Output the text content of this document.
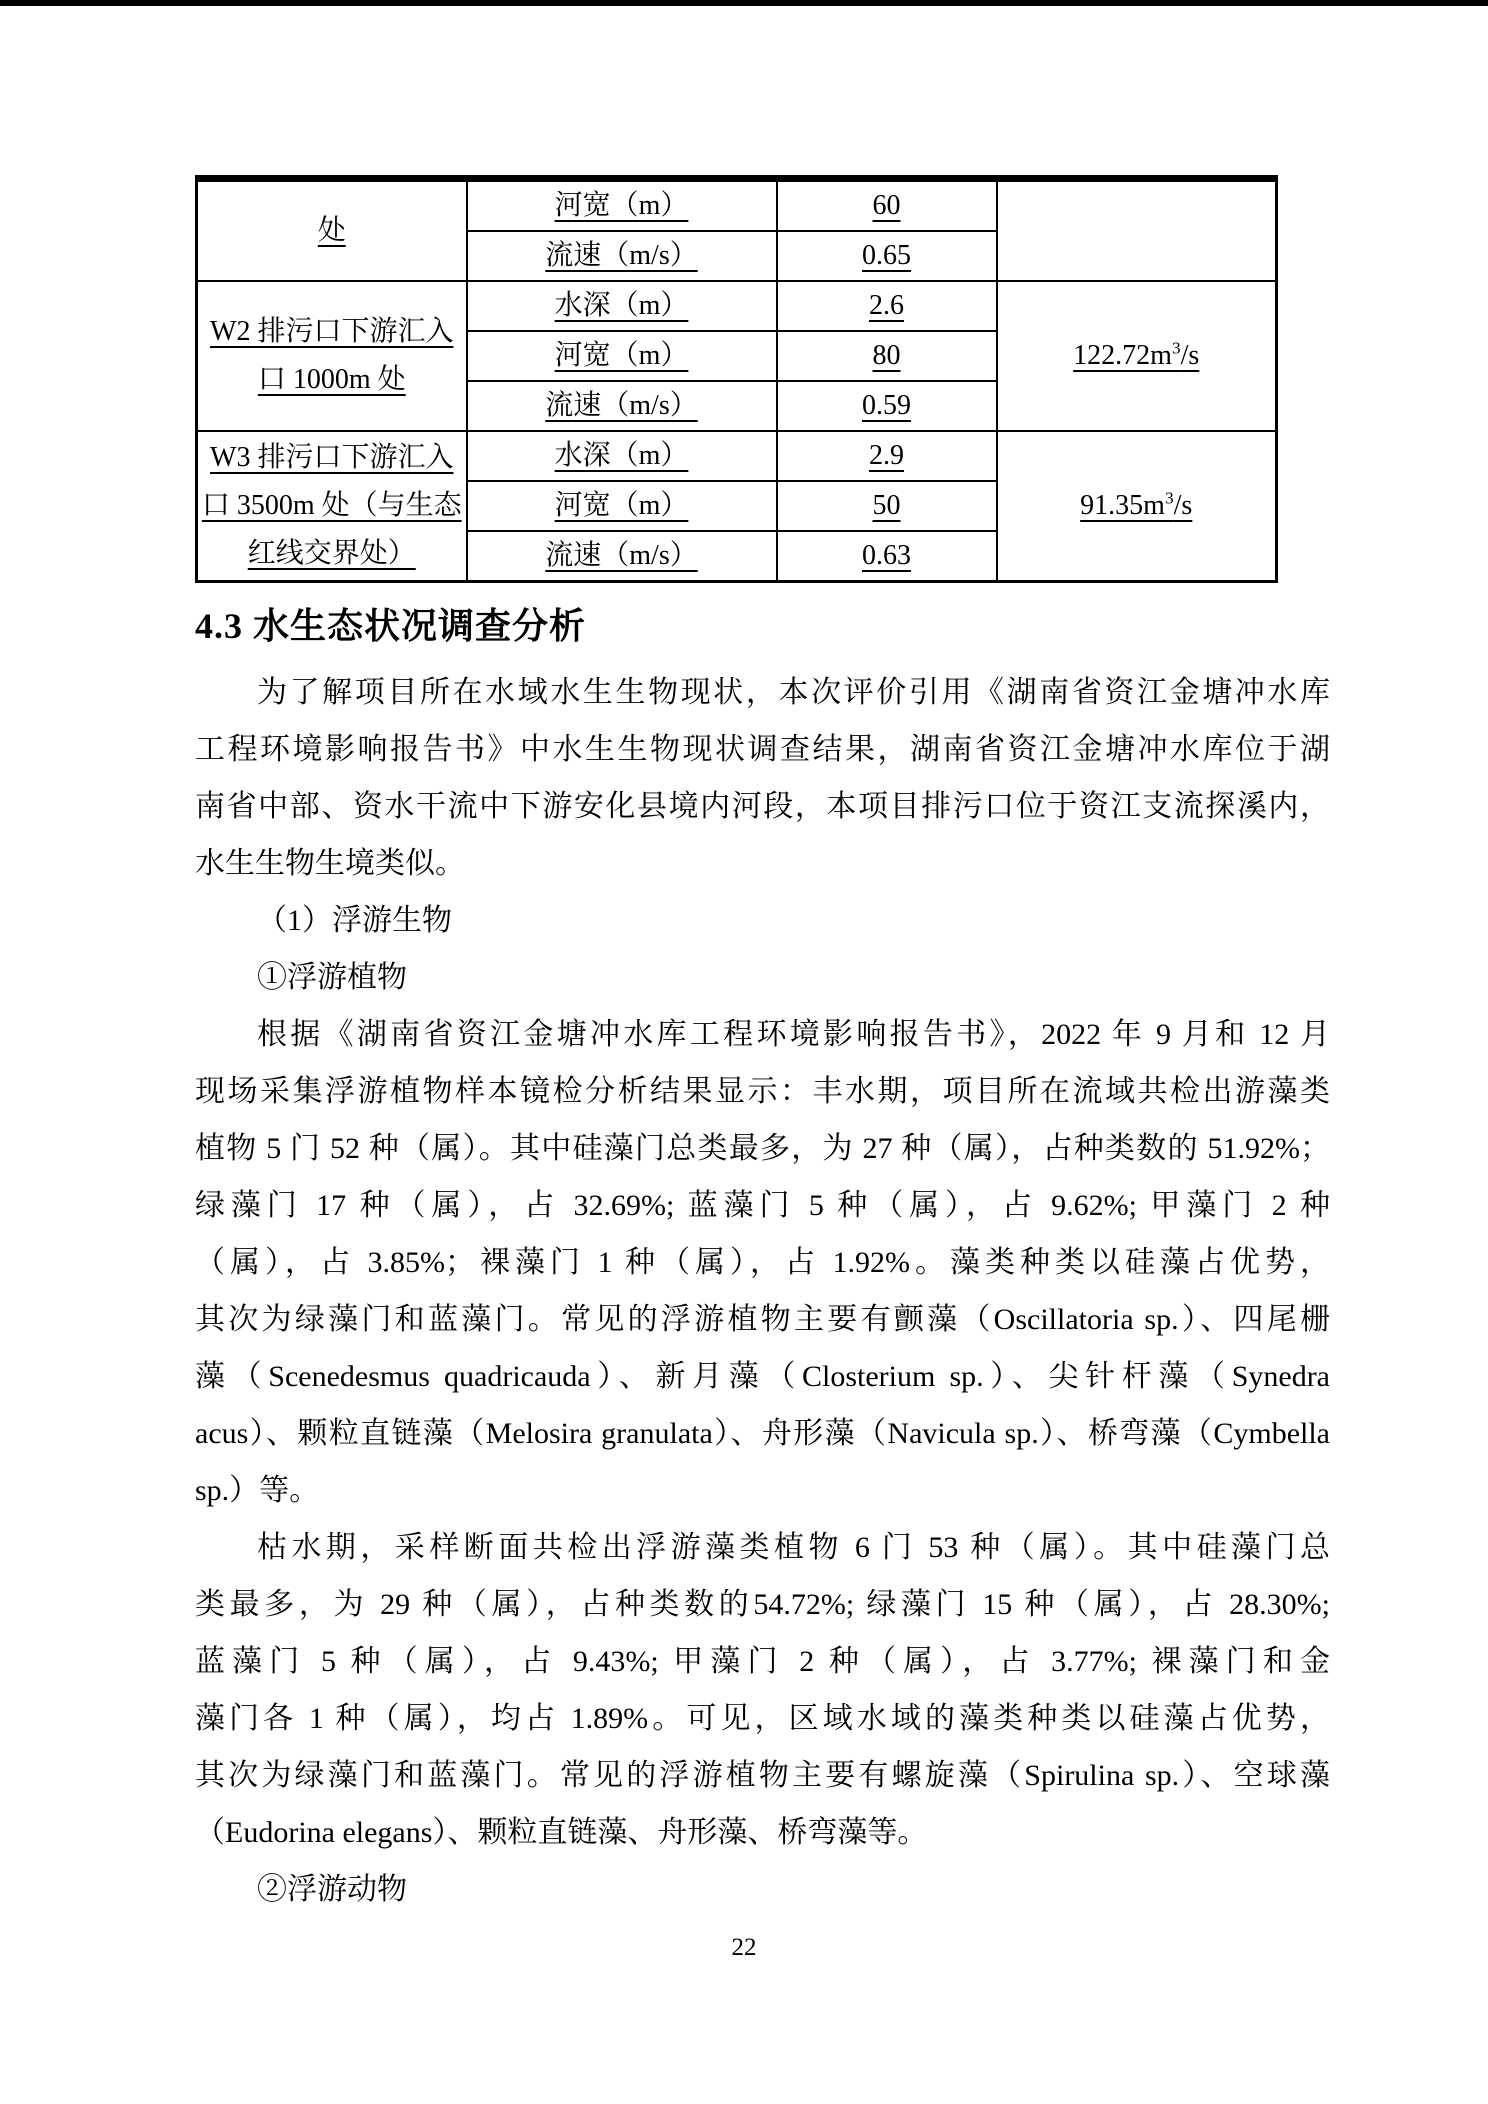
处	河宽（m）	60	
	流速（m/s）	0.65	

W2 排污口下游汇入
口 1000m 处	水深（m）	2.6	$122.72m^3/s$
	河宽（m）	80	
	流速（m/s）	0.59	

W3 排污口下游汇入
口 3500m 处（与生态
红线交界处）	水深（m）	2.9	$91.35m^3/s$
	河宽（m）	50	
	流速（m/s）	0.63	
4.3 水生态状况调查分析
为了解项目所在水域水生生物现状，本次评价引用《湖南省资江金塘冲水库
工程环境影响报告书》中水生生物现状调查结果，湖南省资江金塘冲水库位于湖
南省中部、资水干流中下游安化县境内河段，本项目排污口位于资江支流探溪内，
水生生物生境类似。
（1）浮游生物
①浮游植物
根据《湖南省资江金塘冲水库工程环境影响报告书》，2022 年 9 月和 12 月
现场采集浮游植物样本镜检分析结果显示：丰水期，项目所在流域共检出游藻类
植物 5 门 52 种（属）。其中硅藻门总类最多，为 27 种（属），占种类数的 51.92%；
绿藻门 17 种（属），占 32.69%; 蓝藻门 5 种（属），占 9.62%; 甲藻门 2 种
（属），占 3.85%；裸藻门 1 种（属），占 1.92%。藻类种类以硅藻占优势，
其次为绿藻门和蓝藻门。常见的浮游植物主要有颤藻（Oscillatoria sp.）、四尾栅
藻（Scenedesmus quadricauda）、新月藻（Closterium sp.）、尖针杆藻（Synedra
acus）、颗粒直链藻（Melosira granulata）、舟形藻（Navicula sp.）、桥弯藻（Cymbella
sp.）等。
枯水期，采样断面共检出浮游藻类植物 6 门 53 种（属）。其中硅藻门总
类最多，为 29 种（属），占种类数的54.72%; 绿藻门 15 种（属），占 28.30%;
蓝藻门 5 种（属），占 9.43%; 甲藻门 2 种（属），占 3.77%; 裸藻门和金
藻门各 1 种（属），均占 1.89%。可见，区域水域的藻类种类以硅藻占优势，
其次为绿藻门和蓝藻门。常见的浮游植物主要有螺旋藻（Spirulina sp.）、空球藻
（Eudorina elegans）、颗粒直链藻、舟形藻、桥弯藻等。
②浮游动物
22
